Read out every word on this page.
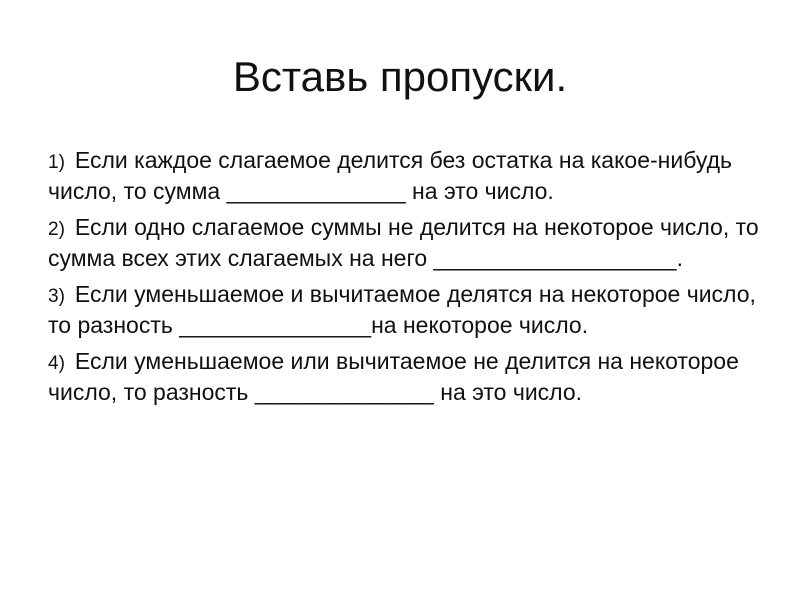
Вставь пропуски.
1) Если каждое слагаемое делится без остатка на какое-нибудь число, то сумма ______________ на это число.
2) Если одно слагаемое суммы не делится на некоторое число, то сумма всех этих слагаемых на него ___________________.
3) Если уменьшаемое и вычитаемое делятся на некоторое число, то разность _______________на некоторое число.
4) Если уменьшаемое или вычитаемое не делится на некоторое число, то разность ______________ на это число.
